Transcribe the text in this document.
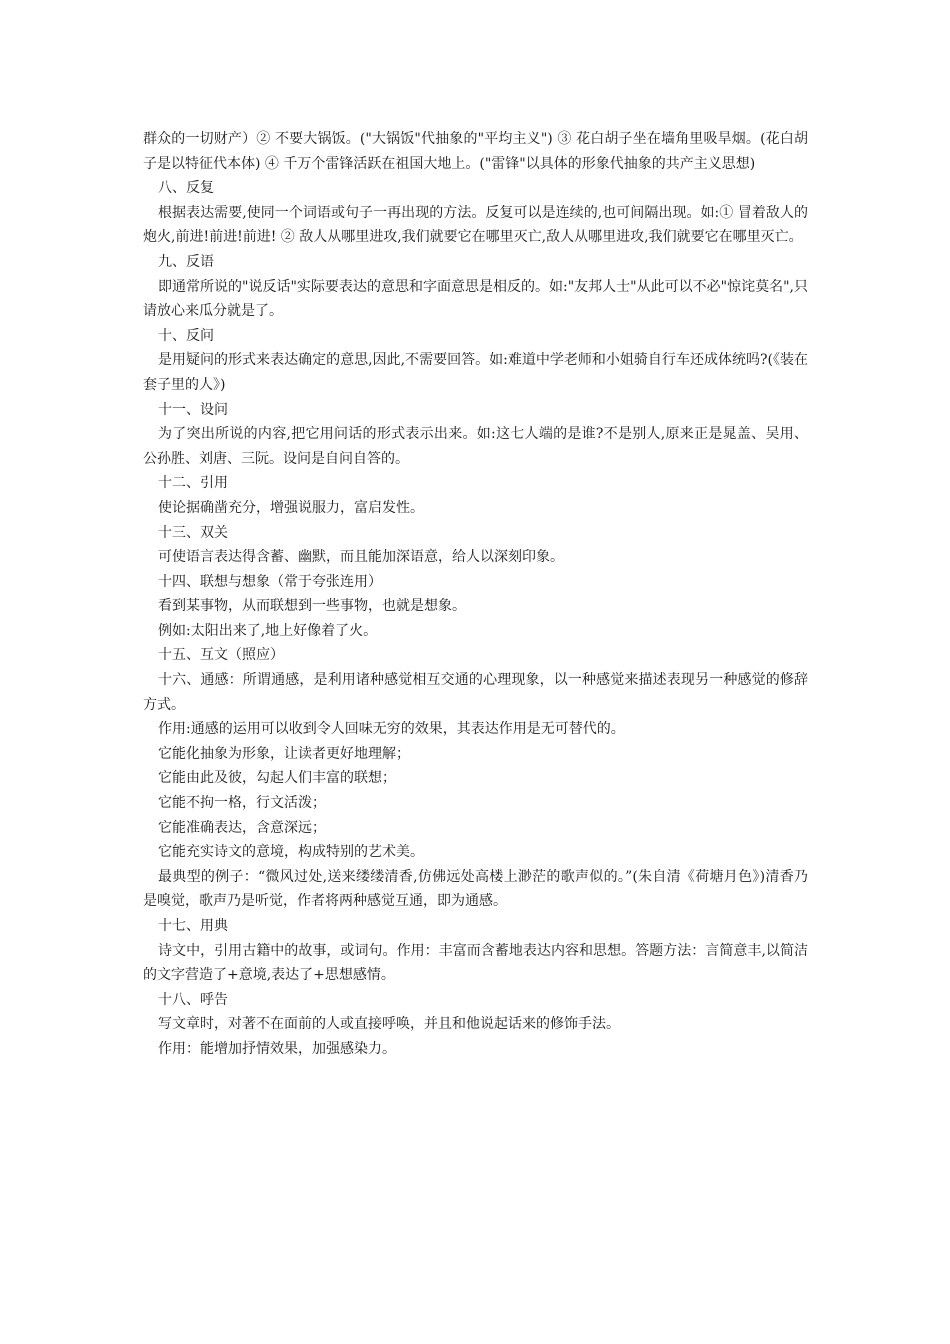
群众的一切财产）② 不要大锅饭。("大锅饭"代抽象的"平均主义") ③ 花白胡子坐在墙角里吸旱烟。(花白胡子是以特征代本体) ④ 千万个雷锋活跃在祖国大地上。("雷锋"以具体的形象代抽象的共产主义思想)

八、反复

根据表达需要,使同一个词语或句子一再出现的方法。反复可以是连续的,也可间隔出现。如:① 冒着敌人的炮火,前进!前进!前进! ② 敌人从哪里进攻,我们就要它在哪里灭亡,敌人从哪里进攻,我们就要它在哪里灭亡。

九、反语

即通常所说的"说反话"实际要表达的意思和字面意思是相反的。如:"友邦人士"从此可以不必"惊诧莫名",只请放心来瓜分就是了。

十、反问

是用疑问的形式来表达确定的意思,因此,不需要回答。如:难道中学老师和小姐骑自行车还成体统吗?(《装在套子里的人》)

十一、设问

为了突出所说的内容,把它用问话的形式表示出来。如:这七人端的是谁?不是别人,原来正是晁盖、吴用、公孙胜、刘唐、三阮。设问是自问自答的。

十二、引用

使论据确凿充分，增强说服力，富启发性。

十三、双关

可使语言表达得含蓄、幽默，而且能加深语意，给人以深刻印象。

十四、联想与想象（常于夸张连用）

看到某事物，从而联想到一些事物，也就是想象。

例如:太阳出来了,地上好像着了火。

十五、互文（照应）

十六、通感：所谓通感，是利用诸种感觉相互交通的心理现象，以一种感觉来描述表现另一种感觉的修辞方式。

作用:通感的运用可以收到令人回味无穷的效果，其表达作用是无可替代的。

它能化抽象为形象，让读者更好地理解；

它能由此及彼，勾起人们丰富的联想；

它能不拘一格，行文活泼；

它能准确表达，含意深远；

它能充实诗文的意境，构成特别的艺术美。

最典型的例子：“微风过处,送来缕缕清香,仿佛远处高楼上渺茫的歌声似的。”(朱自清《荷塘月色》)清香乃是嗅觉，歌声乃是听觉，作者将两种感觉互通，即为通感。

十七、用典

诗文中，引用古籍中的故事，或词句。作用：丰富而含蓄地表达内容和思想。答题方法：言简意丰,以简洁的文字营造了+意境,表达了+思想感情。

十八、呼告

写文章时，对著不在面前的人或直接呼唤，并且和他说起话来的修饰手法。

作用：能增加抒情效果，加强感染力。
